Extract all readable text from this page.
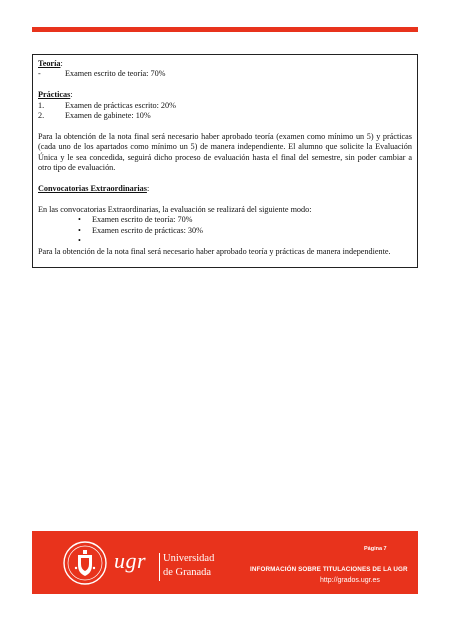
Teoría:

-	Examen escrito de teoría: 70%

Prácticas:

1.	Examen de prácticas escrito: 20%
2.	Examen de gabinete: 10%

Para la obtención de la nota final será necesario haber aprobado teoría (examen como mínimo un 5) y prácticas (cada uno de los apartados como mínimo un 5) de manera independiente. El alumno que solicite la Evaluación Única y le sea concedida, seguirá dicho proceso de evaluación hasta el final del semestre, sin poder cambiar a otro tipo de evaluación.

Convocatorias Extraordinarias:

En las convocatorias Extraordinarias, la evaluación se realizará del siguiente modo:

•	Examen escrito de teoría: 70%
•	Examen escrito de prácticas: 30%
•

Para la obtención de la nota final será necesario haber aprobado teoría y prácticas de manera independiente.

ugr Universidad
de Granada
Página 7
INFORMACIÓN SOBRE TITULACIONES DE LA UGR
http://grados.ugr.es
